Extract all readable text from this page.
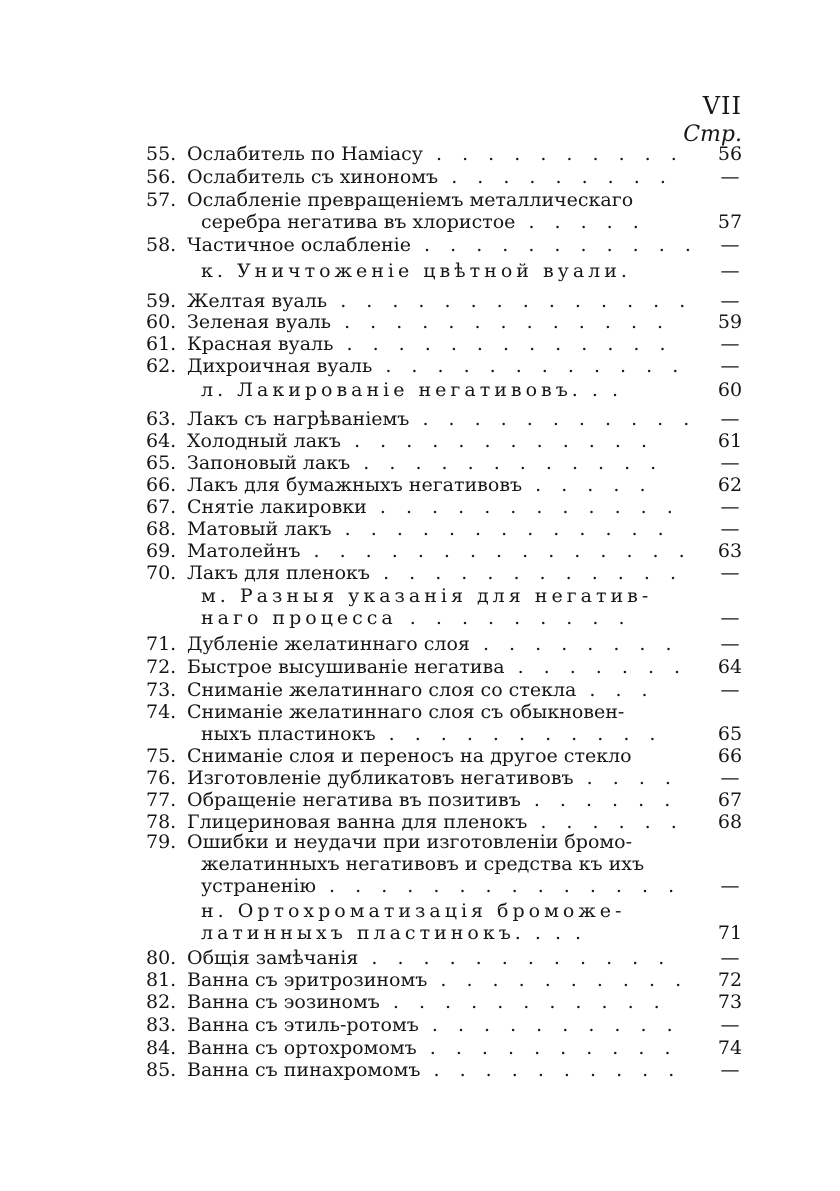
VII
Стр.
55. Ослабитель по Намiасу . . . . . . . . . .	56
56. Ослабитель съ хинономъ . . . . . . . . .	—
57. Ослабленiе превращенiемъ металлическаго
серебра негатива въ хлористое . . . . .	57
58. Частичное ослабленiе . . . . . . . . . . .	—
к. Уничтоженiе цвѣтной вуали.	—
59. Желтая вуаль . . . . . . . . . . . . . .	—
60. Зеленая вуаль . . . . . . . . . . . . .	59
61. Красная вуаль . . . . . . . . . . . . .	—
62. Дихроичная вуаль . . . . . . . . . . . .	—
л. Лакированiе негативовъ. . .	60
63. Лакъ съ нагрѣванiемъ . . . . . . . . . . .	—
64. Холодный лакъ . . . . . . . . . . . .	61
65. Запоновый лакъ . . . . . . . . . . . .	—
66. Лакъ для бумажныхъ негативовъ . . . . .	62
67. Снятiе лакировки . . . . . . . . . . . .	—
68. Матовый лакъ . . . . . . . . . . . . .	—
69. Матолейнъ . . . . . . . . . . . . . . .	63
70. Лакъ для пленокъ . . . . . . . . . . . .	—
м. Разныя указанiя для негатив-
наго процесса . . . . . . . . .	—
71. Дубленiе желатиннаго слоя . . . . . . . .	—
72. Быстрое высушиванiе негатива . . . . . . .	64
73. Сниманiе желатиннаго слоя со стекла . . .	—
74. Сниманiе желатиннаго слоя съ обыкновен-
ныхъ пластинокъ . . . . . . . . . . .	65
75. Сниманiе слоя и переносъ на другое стекло	66
76. Изготовленiе дубликатовъ негативовъ . . . .	—
77. Обращенiе негатива въ позитивъ . . . . . .	67
78. Глицериновая ванна для пленокъ . . . . . .	68
79. Ошибки и неудачи при изготовленiи бромо-
желатинныхъ негативовъ и средства къ ихъ
устраненiю . . . . . . . . . . . . . .	—
н. Ортохроматизацiя броможе-
латинныхъ пластинокъ. . . .	71
80. Общiя замѣчанiя . . . . . . . . . . . .	—
81. Ванна съ эритрозиномъ . . . . . . . . . .	72
82. Ванна съ эозиномъ . . . . . . . . . . .	73
83. Ванна съ этиль-ротомъ . . . . . . . . . .	—
84. Ванна съ ортохромомъ . . . . . . . . . .	74
85. Ванна съ пинахромомъ . . . . . . . . . .	—
